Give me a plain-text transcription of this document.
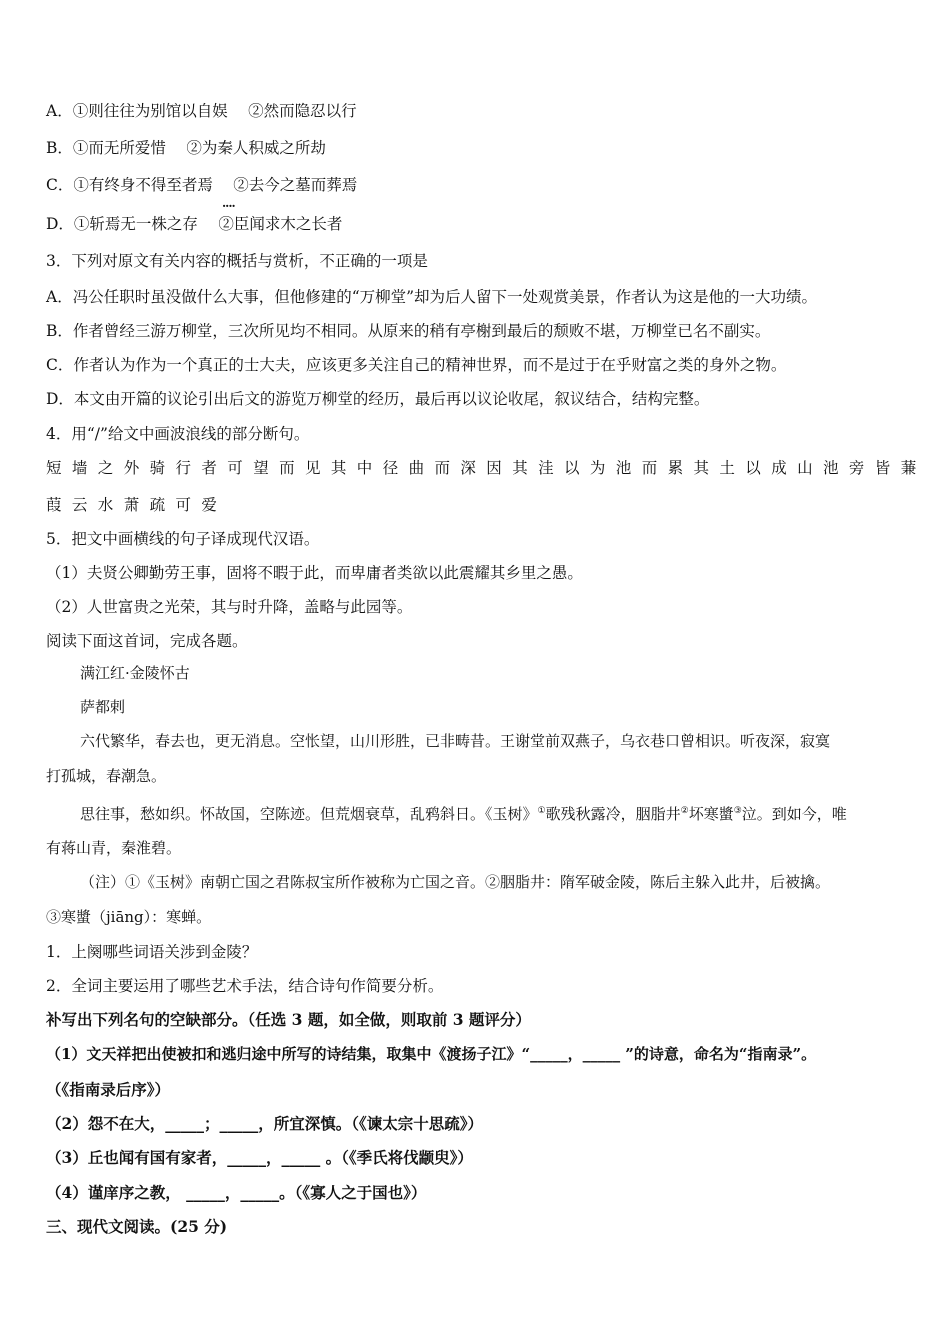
A．①则往往为别馆以自娱　 ②然而隐忍以行
B．①而无所爱惜　 ②为秦人积威之所劫
C．①有终身不得至者焉　 ②去今之墓而葬焉
....
D．①斩焉无一株之存　 ②臣闻求木之长者
3．下列对原文有关内容的概括与赏析，不正确的一项是
A．冯公任职时虽没做什么大事，但他修建的“万柳堂”却为后人留下一处观赏美景，作者认为这是他的一大功绩。
B．作者曾经三游万柳堂，三次所见均不相同。从原来的稍有亭榭到最后的颓败不堪，万柳堂已名不副实。
C．作者认为作为一个真正的士大夫，应该更多关注自己的精神世界，而不是过于在乎财富之类的身外之物。
D．本文由开篇的议论引出后文的游览万柳堂的经历，最后再以议论收尾，叙议结合，结构完整。
4．用“/”给文中画波浪线的部分断句。
短墙之外骑行者可望而见其中径曲而深因其洼以为池而累其土以成山池旁皆蒹
葭云水萧疏可爱
5．把文中画横线的句子译成现代汉语。
（1）夫贤公卿勤劳王事，固将不暇于此，而卑庸者类欲以此震耀其乡里之愚。
（2）人世富贵之光荣，其与时升降，盖略与此园等。
阅读下面这首词，完成各题。
满江红·金陵怀古
萨都剌
六代繁华，春去也，更无消息。空怅望，山川形胜，已非畴昔。王谢堂前双燕子，乌衣巷口曾相识。听夜深，寂寞
打孤城，春潮急。
思往事，愁如织。怀故国，空陈迹。但荒烟衰草，乱鸦斜日。《玉树》①歌残秋露冷，胭脂井②坏寒螿③泣。到如今，唯
有蒋山青，秦淮碧。
（注）①《玉树》南朝亡国之君陈叔宝所作被称为亡国之音。②胭脂井：隋军破金陵，陈后主躲入此井，后被擒。
③寒螿（jiāng）：寒蝉。
1．上阕哪些词语关涉到金陵？
2．全词主要运用了哪些艺术手法，结合诗句作简要分析。
补写出下列名句的空缺部分。（任选 3 题，如全做，则取前 3 题评分）
（1）文天祥把出使被扣和逃归途中所写的诗结集，取集中《渡扬子江》“_____，_____ ”的诗意，命名为“指南录”。
（《指南录后序》）
（2）怨不在大，_____；_____，所宜深慎。（《谏太宗十思疏》）
（3）丘也闻有国有家者，_____，_____ 。（《季氏将伐颛臾》）
（4）谨庠序之教， _____，_____。（《寡人之于国也》）
三、现代文阅读。(25 分)
